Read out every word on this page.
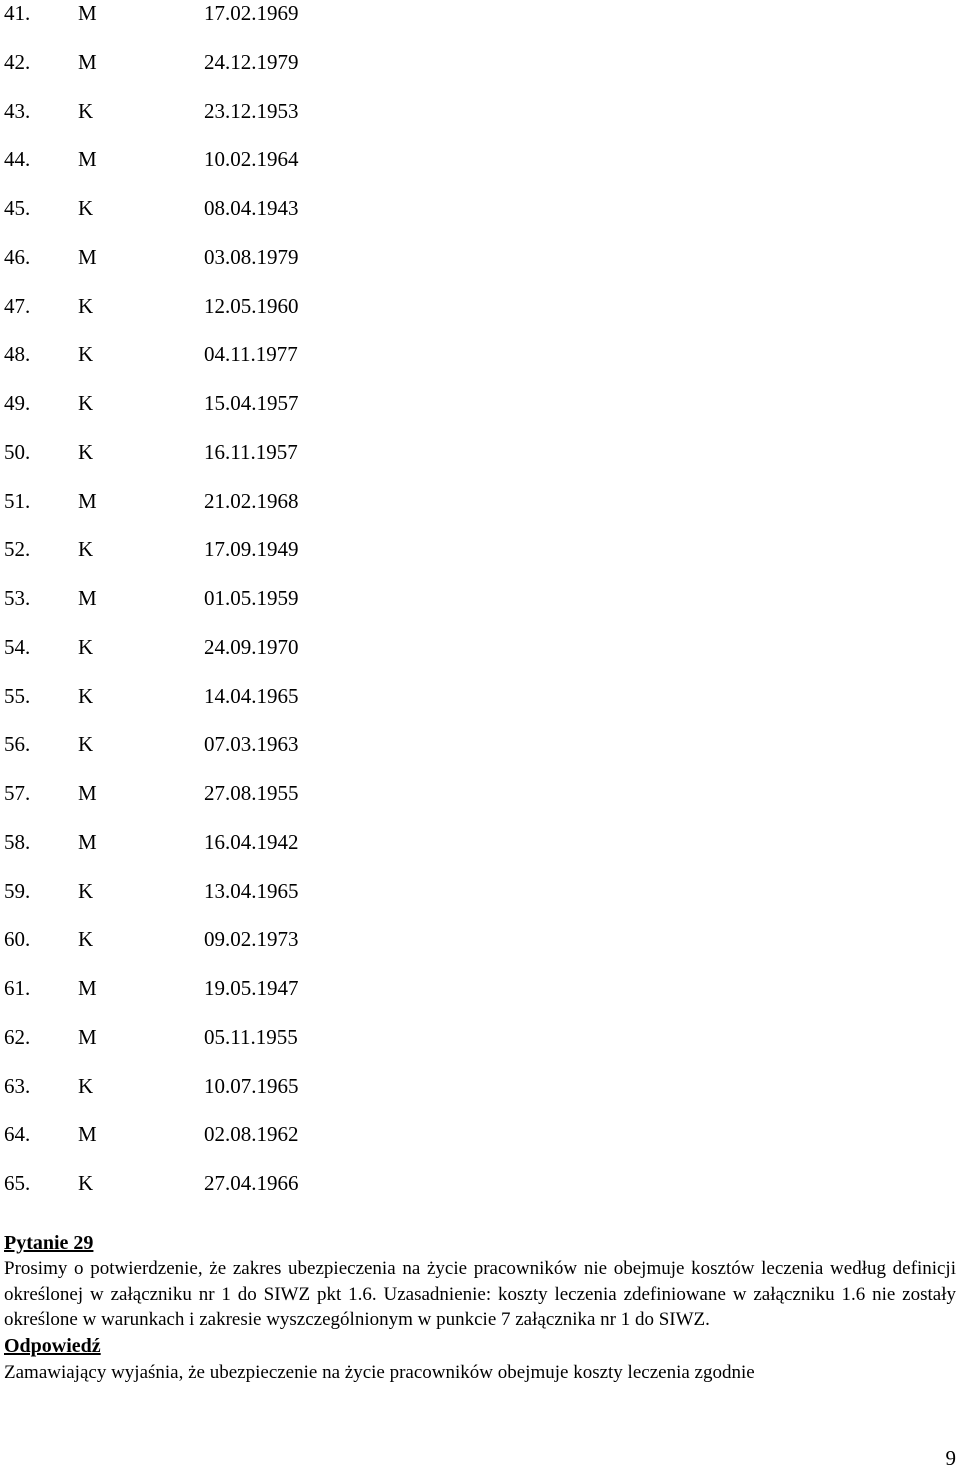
41. M	17.02.1969
42. M	24.12.1979
43. K	23.12.1953
44. M	10.02.1964
45. K	08.04.1943
46. M	03.08.1979
47. K	12.05.1960
48. K	04.11.1977
49. K	15.04.1957
50. K	16.11.1957
51. M	21.02.1968
52. K	17.09.1949
53. M	01.05.1959
54. K	24.09.1970
55. K	14.04.1965
56. K	07.03.1963
57. M	27.08.1955
58. M	16.04.1942
59. K	13.04.1965
60. K	09.02.1973
61. M	19.05.1947
62. M	05.11.1955
63. K	10.07.1965
64. M	02.08.1962
65. K	27.04.1966

Pytanie 29

Prosimy o potwierdzenie, że zakres ubezpieczenia na życie pracowników nie obejmuje kosztów leczenia według definicji określonej w załączniku nr 1 do SIWZ pkt 1.6. Uzasadnienie: koszty leczenia zdefiniowane w załączniku 1.6 nie zostały określone w warunkach i zakresie wyszczególnionym w punkcie 7 załącznika nr 1 do SIWZ.

Odpowiedź

Zamawiający wyjaśnia, że ubezpieczenie na życie pracowników obejmuje koszty leczenia zgodnie

9
